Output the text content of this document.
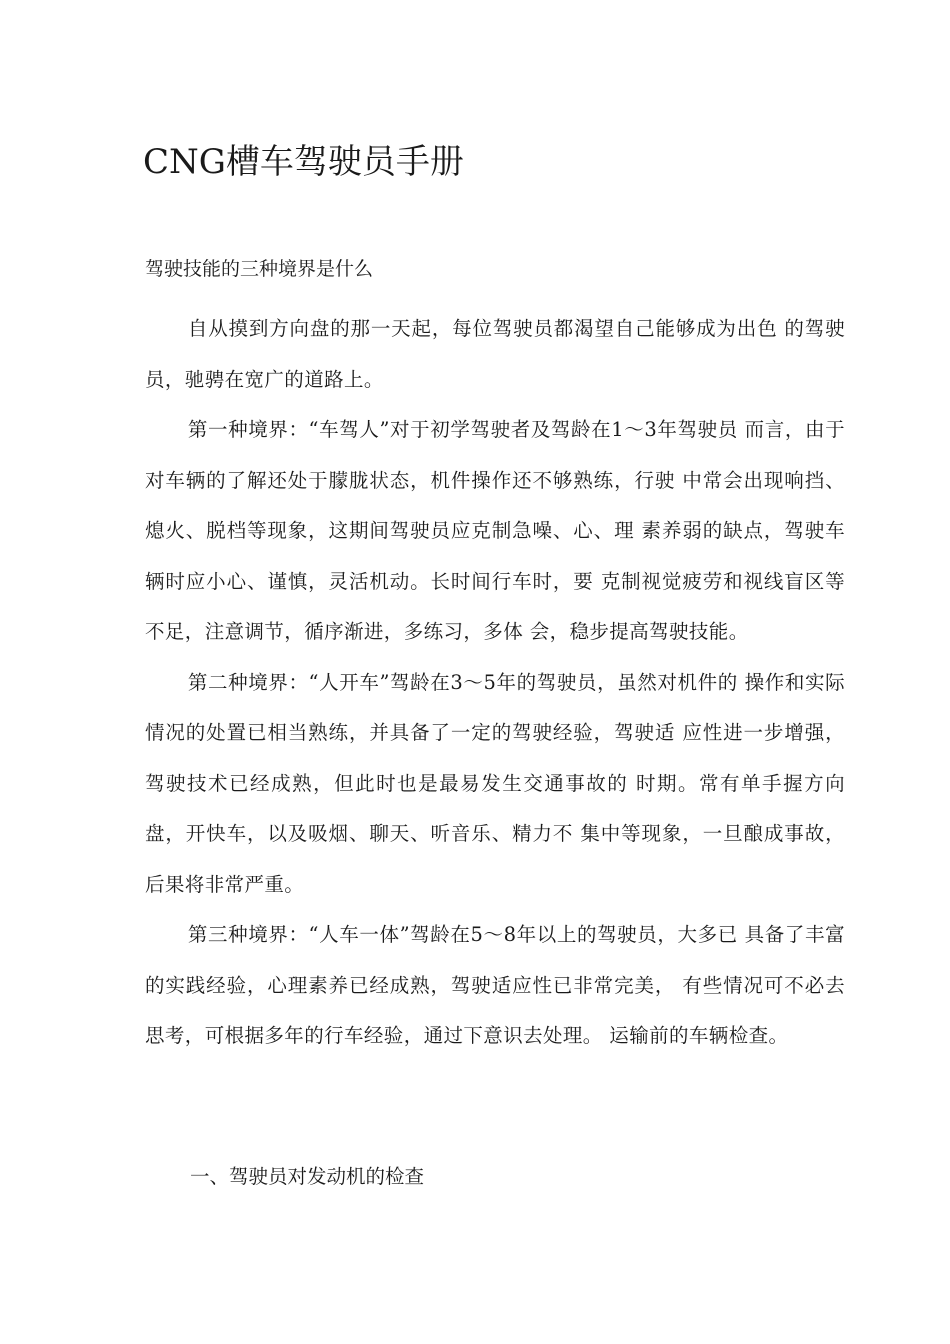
CNG槽车驾驶员手册

驾驶技能的三种境界是什么

自从摸到方向盘的那一天起，每位驾驶员都渴望自己能够成为出色 的驾驶员，驰骋在宽广的道路上。

第一种境界：“车驾人”对于初学驾驶者及驾龄在1〜3年驾驶员 而言，由于对车辆的了解还处于朦胧状态，机件操作还不够熟练，行驶 中常会出现响挡、熄火、脱档等现象，这期间驾驶员应克制急噪、心、理 素养弱的缺点，驾驶车辆时应小心、谨慎，灵活机动。长时间行车时，要 克制视觉疲劳和视线盲区等不足，注意调节，循序渐进，多练习，多体 会，稳步提高驾驶技能。

第二种境界：“人开车”驾龄在3〜5年的驾驶员，虽然对机件的 操作和实际情况的处置已相当熟练，并具备了一定的驾驶经验，驾驶适 应性进一步增强，驾驶技术已经成熟，但此时也是最易发生交通事故的 时期。常有单手握方向盘，开快车，以及吸烟、聊天、听音乐、精力不 集中等现象，一旦酿成事故，后果将非常严重。

第三种境界：“人车一体”驾龄在5〜8年以上的驾驶员，大多已 具备了丰富的实践经验，心理素养已经成熟，驾驶适应性已非常完美， 有些情况可不必去思考，可根据多年的行车经验，通过下意识去处理。 运输前的车辆检查。

一、驾驶员对发动机的检查
